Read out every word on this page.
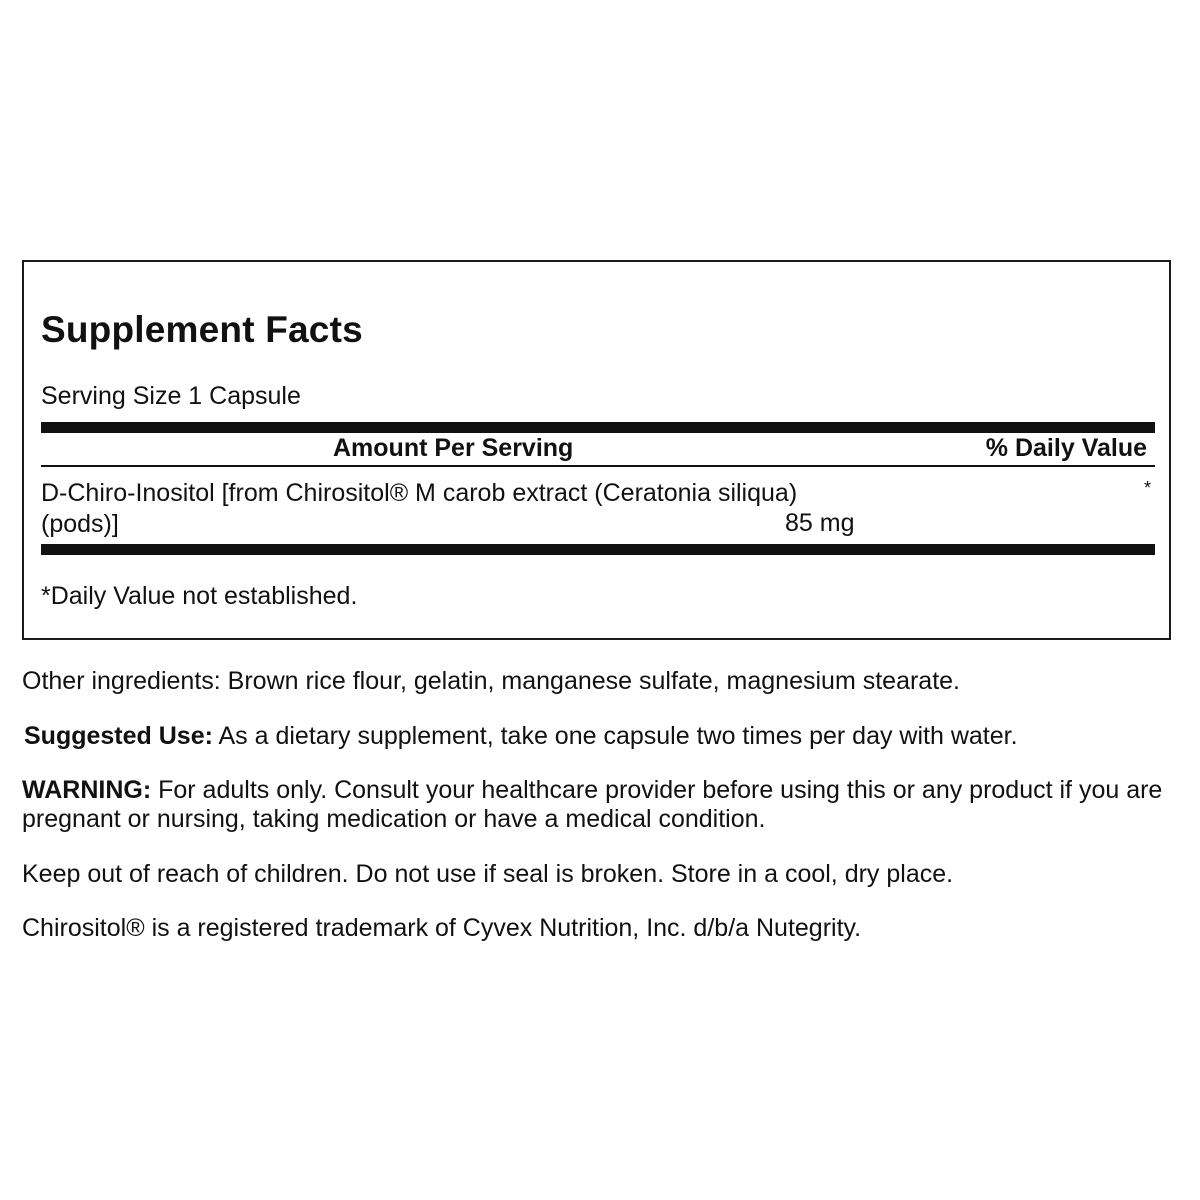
Supplement Facts
Serving Size 1 Capsule
Amount Per Serving	% Daily Value
D-Chiro-Inositol [from Chirositol® M carob extract (Ceratonia siliqua) (pods)]	85 mg
*
*Daily Value not established.
Other ingredients: Brown rice flour, gelatin, manganese sulfate, magnesium stearate.
Suggested Use: As a dietary supplement, take one capsule two times per day with water.
WARNING: For adults only. Consult your healthcare provider before using this or any product if you are pregnant or nursing, taking medication or have a medical condition.
Keep out of reach of children. Do not use if seal is broken. Store in a cool, dry place.
Chirositol® is a registered trademark of Cyvex Nutrition, Inc. d/b/a Nutegrity.
